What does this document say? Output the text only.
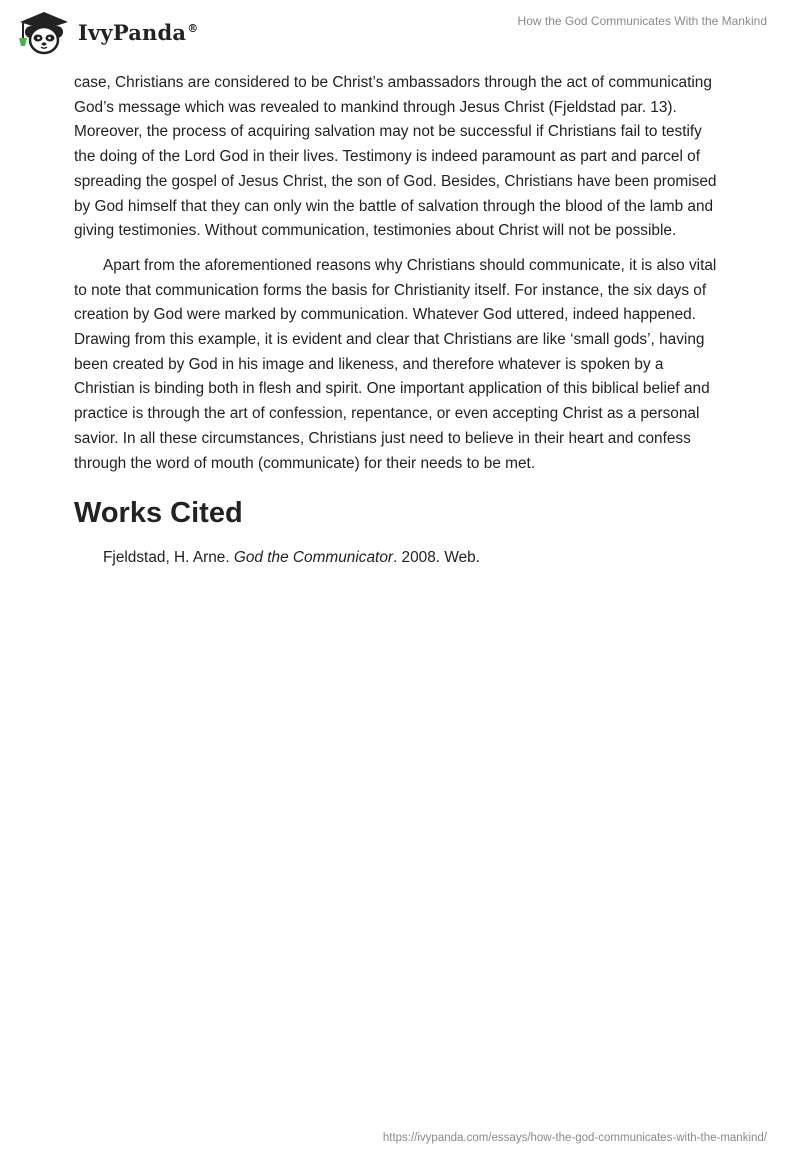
IvyPanda®	How the God Communicates With the Mankind

case, Christians are considered to be Christ’s ambassadors through the act of communicating God’s message which was revealed to mankind through Jesus Christ (Fjeldstad par. 13). Moreover, the process of acquiring salvation may not be successful if Christians fail to testify the doing of the Lord God in their lives. Testimony is indeed paramount as part and parcel of spreading the gospel of Jesus Christ, the son of God. Besides, Christians have been promised by God himself that they can only win the battle of salvation through the blood of the lamb and giving testimonies. Without communication, testimonies about Christ will not be possible.

Apart from the aforementioned reasons why Christians should communicate, it is also vital to note that communication forms the basis for Christianity itself. For instance, the six days of creation by God were marked by communication. Whatever God uttered, indeed happened. Drawing from this example, it is evident and clear that Christians are like ‘small gods’, having been created by God in his image and likeness, and therefore whatever is spoken by a Christian is binding both in flesh and spirit. One important application of this biblical belief and practice is through the art of confession, repentance, or even accepting Christ as a personal savior. In all these circumstances, Christians just need to believe in their heart and confess through the word of mouth (communicate) for their needs to be met.

Works Cited
Fjeldstad, H. Arne. God the Communicator. 2008. Web.
https://ivypanda.com/essays/how-the-god-communicates-with-the-mankind/
